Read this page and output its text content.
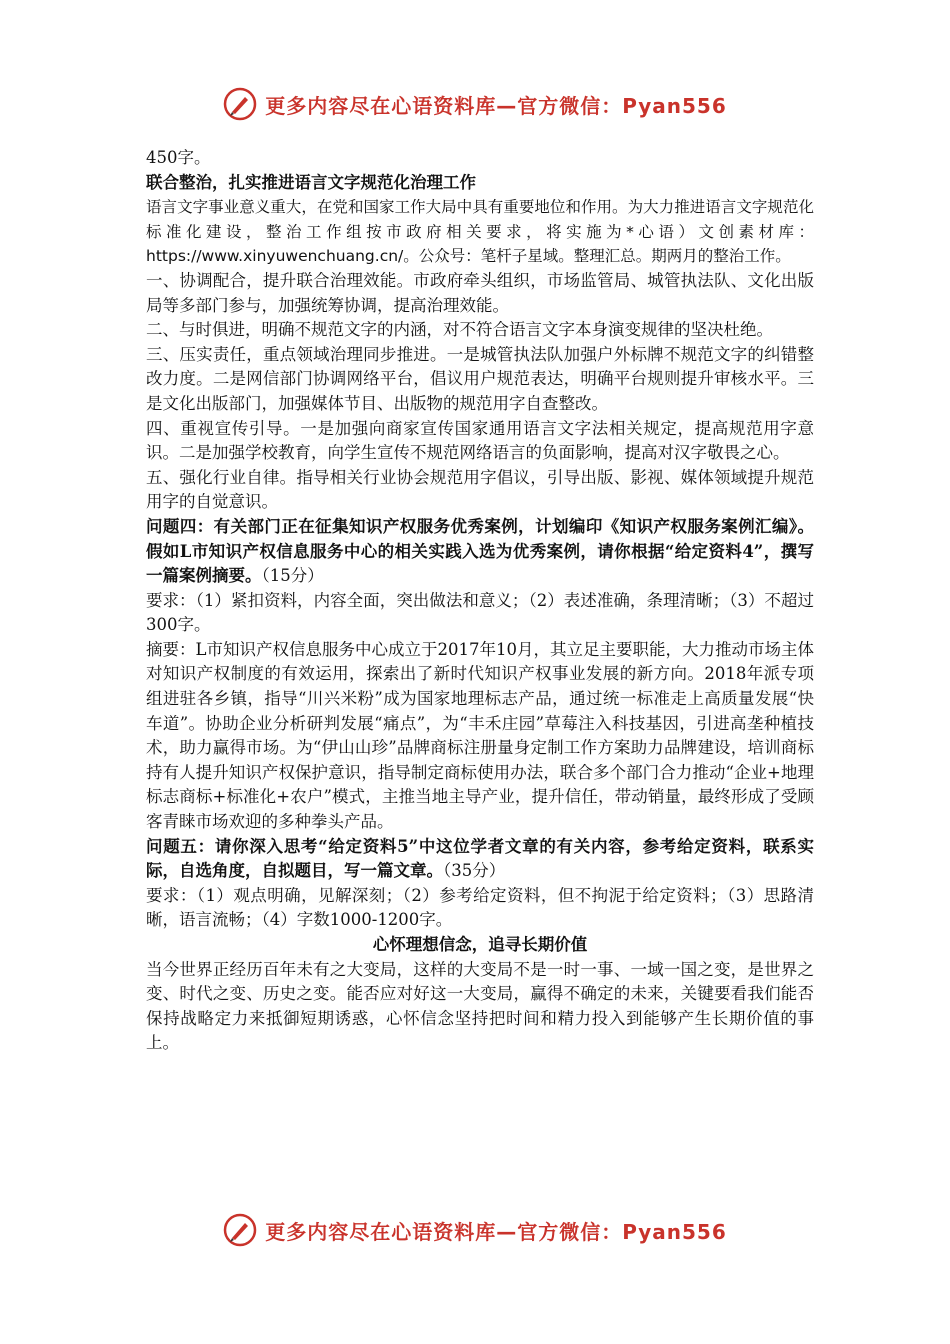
更多内容尽在心语资料库—官方微信：Pyan556

450字。

联合整治，扎实推进语言文字规范化治理工作

语言文字事业意义重大，在党和国家工作大局中具有重要地位和作用。为大力推进语言文字规范化标准化建设，整治工作组按市政府相关要求，将实施为*心语）文创素材库：https://www.xinyuwenchuang.cn/。公众号：笔杆子星域。整理汇总。期两月的整治工作。

一、协调配合，提升联合治理效能。市政府牵头组织，市场监管局、城管执法队、文化出版局等多部门参与，加强统筹协调，提高治理效能。

二、与时俱进，明确不规范文字的内涵，对不符合语言文字本身演变规律的坚决杜绝。

三、压实责任，重点领域治理同步推进。一是城管执法队加强户外标牌不规范文字的纠错整改力度。二是网信部门协调网络平台，倡议用户规范表达，明确平台规则提升审核水平。三是文化出版部门，加强媒体节目、出版物的规范用字自查整改。

四、重视宣传引导。一是加强向商家宣传国家通用语言文字法相关规定，提高规范用字意识。二是加强学校教育，向学生宣传不规范网络语言的负面影响，提高对汉字敬畏之心。

五、强化行业自律。指导相关行业协会规范用字倡议，引导出版、影视、媒体领域提升规范用字的自觉意识。

问题四：有关部门正在征集知识产权服务优秀案例，计划编印《知识产权服务案例汇编》。假如L市知识产权信息服务中心的相关实践入选为优秀案例，请你根据“给定资料4”，撰写一篇案例摘要。（15分）

要求：（1）紧扣资料，内容全面，突出做法和意义；（2）表述准确，条理清晰；（3）不超过300字。

摘要：L市知识产权信息服务中心成立于2017年10月，其立足主要职能，大力推动市场主体对知识产权制度的有效运用，探索出了新时代知识产权事业发展的新方向。2018年派专项组进驻各乡镇，指导“川兴米粉”成为国家地理标志产品，通过统一标准走上高质量发展“快车道”。协助企业分析研判发展“痛点”，为“丰禾庄园”草莓注入科技基因，引进高垄种植技术，助力赢得市场。为“伊山山珍”品牌商标注册量身定制工作方案助力品牌建设，培训商标持有人提升知识产权保护意识，指导制定商标使用办法，联合多个部门合力推动“企业+地理标志商标+标准化+农户”模式，主推当地主导产业，提升信任，带动销量，最终形成了受顾客青睐市场欢迎的多种拳头产品。

问题五：请你深入思考“给定资料5”中这位学者文章的有关内容，参考给定资料，联系实际，自选角度，自拟题目，写一篇文章。（35分）

要求：（1）观点明确，见解深刻；（2）参考给定资料，但不拘泥于给定资料；（3）思路清晰，语言流畅；（4）字数1000-1200字。

心怀理想信念，追寻长期价值

当今世界正经历百年未有之大变局，这样的大变局不是一时一事、一域一国之变，是世界之变、时代之变、历史之变。能否应对好这一大变局，赢得不确定的未来，关键要看我们能否保持战略定力来抵御短期诱惑，心怀信念坚持把时间和精力投入到能够产生长期价值的事上。

更多内容尽在心语资料库—官方微信：Pyan556
